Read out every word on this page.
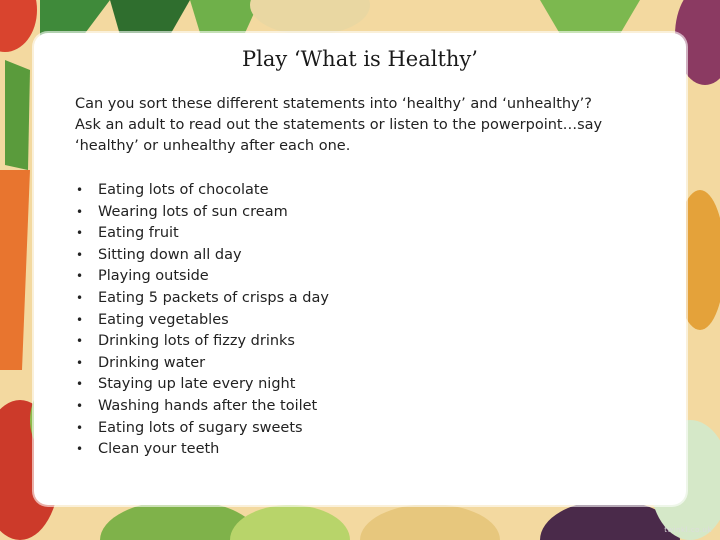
Play ‘What is Healthy’
Can you sort these different statements into ‘healthy’ and ‘unhealthy’?
Ask an adult to read out the statements or listen to the powerpoint…say
‘healthy’ or unhealthy after each one.
• Eating lots of chocolate
• Wearing lots of sun cream
• Eating fruit
• Sitting down all day
• Playing outside
• Eating 5 packets of crisps a day
• Eating vegetables
• Drinking lots of fizzy drinks
• Drinking water
• Staying up late every night
• Washing hands after the toilet
• Eating lots of sugary sweets
• Clean your teeth
twinkl.co.uk
